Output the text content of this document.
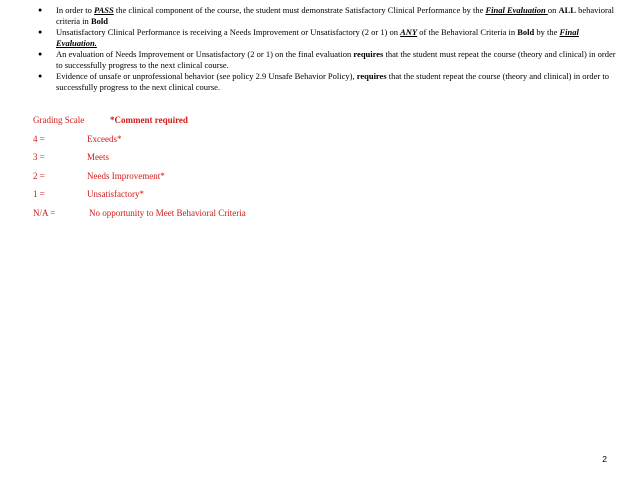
●	In order to PASS the clinical component of the course, the student must demonstrate Satisfactory Clinical Performance by the Final Evaluation on ALL behavioral criteria in Bold
●	Unsatisfactory Clinical Performance is receiving a Needs Improvement or Unsatisfactory (2 or 1) on ANY of the Behavioral Criteria in Bold by the Final Evaluation.
●	An evaluation of Needs Improvement or Unsatisfactory (2 or 1) on the final evaluation requires that the student must repeat the course (theory and clinical) in order to successfully progress to the next clinical course.
●	Evidence of unsafe or unprofessional behavior (see policy 2.9 Unsafe Behavior Policy), requires that the student repeat the course (theory and clinical) in order to successfully progress to the next clinical course.
Grading Scale	*Comment required
4 =	Exceeds*
3 =	Meets
2 =	Needs Improvement*
1 =	Unsatisfactory*
N/A =	No opportunity to Meet Behavioral Criteria
2
